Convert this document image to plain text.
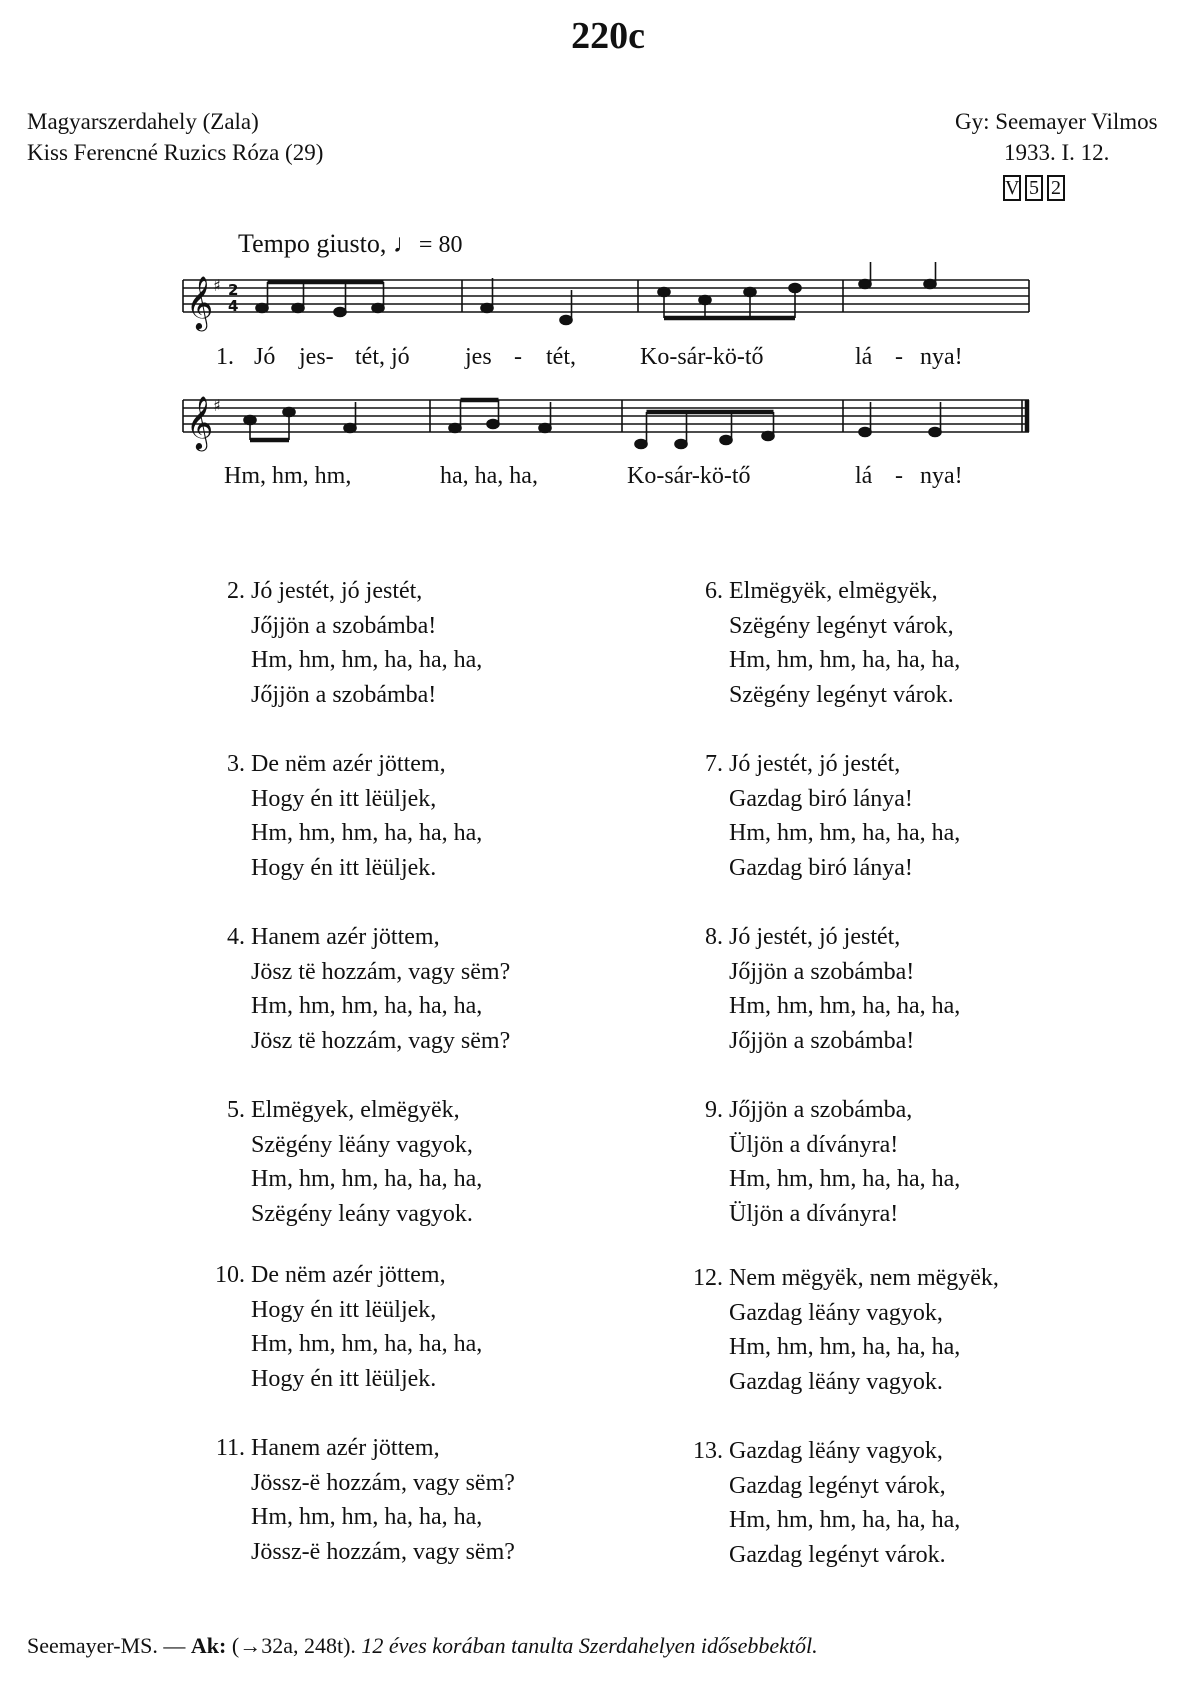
220c
Magyarszerdahely (Zala)
Kiss Ferencné Ruzics Róza (29)
Gy: Seemayer Vilmos
1933. I. 12.
V 5 2
Tempo giusto, ♩= 80
𝄞
𝄞
♯
♯
2
4
1. Jó jes- tét, jó jes - tét,	Ko-sár-kö-tő	lá - nya!
Hm, hm, hm,	ha, ha, ha,	Ko-sár-kö-tő	lá - nya!
2. Jó jestét, jó jestét,
Jőjjön a szobámba!
Hm, hm, hm, ha, ha, ha,
Jőjjön a szobámba!
3. De nëm azér jöttem,
Hogy én itt lëüljek,
Hm, hm, hm, ha, ha, ha,
Hogy én itt lëüljek.
4. Hanem azér jöttem,
Jösz të hozzám, vagy sëm?
Hm, hm, hm, ha, ha, ha,
Jösz të hozzám, vagy sëm?
5. Elmëgyek, elmëgyëk,
Szëgény lëány vagyok,
Hm, hm, hm, ha, ha, ha,
Szëgény leány vagyok.
10. De nëm azér jöttem,
Hogy én itt lëüljek,
Hm, hm, hm, ha, ha, ha,
Hogy én itt lëüljek.
11. Hanem azér jöttem,
Jössz-ë hozzám, vagy sëm?
Hm, hm, hm, ha, ha, ha,
Jössz-ë hozzám, vagy sëm?
6. Elmëgyëk, elmëgyëk,
Szëgény legényt várok,
Hm, hm, hm, ha, ha, ha,
Szëgény legényt várok.
7. Jó jestét, jó jestét,
Gazdag biró lánya!
Hm, hm, hm, ha, ha, ha,
Gazdag biró lánya!
8. Jó jestét, jó jestét,
Jőjjön a szobámba!
Hm, hm, hm, ha, ha, ha,
Jőjjön a szobámba!
9. Jőjjön a szobámba,
Üljön a díványra!
Hm, hm, hm, ha, ha, ha,
Üljön a díványra!
12. Nem mëgyëk, nem mëgyëk,
Gazdag lëány vagyok,
Hm, hm, hm, ha, ha, ha,
Gazdag lëány vagyok.
13. Gazdag lëány vagyok,
Gazdag legényt várok,
Hm, hm, hm, ha, ha, ha,
Gazdag legényt várok.
Seemayer-MS. — Ak: (→32a, 248t). 12 éves korában tanulta Szerdahelyen idősebbektől.
